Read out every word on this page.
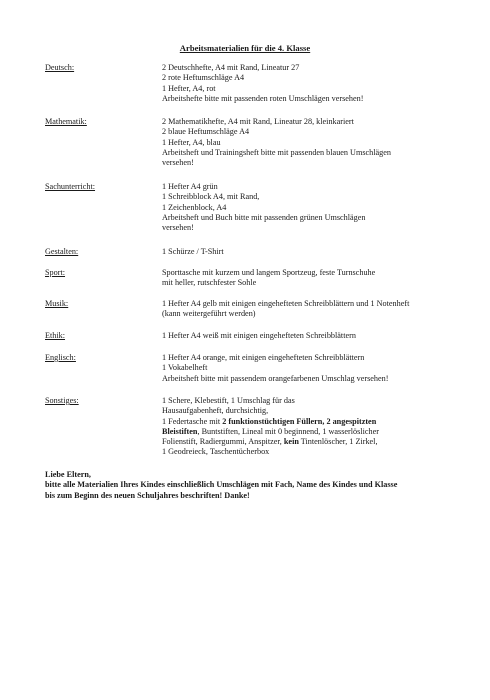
Arbeitsmaterialien für die 4. Klasse
Deutsch:	2 Deutschhefte, A4 mit Rand, Lineatur 27
2 rote Heftumschläge A4
1 Hefter, A4, rot
Arbeitshefte bitte mit passenden roten Umschlägen versehen!
Mathematik:	2 Mathematikhefte, A4 mit Rand, Lineatur 28, kleinkariert
2 blaue Heftumschläge A4
1 Hefter, A4, blau
Arbeitsheft und Trainingsheft bitte mit passenden blauen Umschlägen
versehen!
Sachunterricht:	1 Hefter A4 grün
1 Schreibblock A4, mit Rand,
1 Zeichenblock, A4
Arbeitsheft und Buch bitte mit passenden grünen Umschlägen
versehen!
Gestalten:	1 Schürze / T-Shirt
Sport:	Sporttasche mit kurzem und langem Sportzeug, feste Turnschuhe
mit heller, rutschfester Sohle
Musik:	1 Hefter A4 gelb mit einigen eingehefteten Schreibblättern und 1 Notenheft
(kann weitergeführt werden)
Ethik:	1 Hefter A4 weiß mit einigen eingehefteten Schreibblättern
Englisch:	1 Hefter A4 orange, mit einigen eingehefteten Schreibblättern
1 Vokabelheft
Arbeitsheft bitte mit passendem orangefarbenen Umschlag versehen!
Sonstiges:	1 Schere, Klebestift, 1 Umschlag für das
Hausaufgabenheft, durchsichtig,
1 Federtasche mit 2 funktionstüchtigen Füllern, 2 angespitzten
Bleistiften, Buntstiften, Lineal mit 0 beginnend, 1 wasserlöslicher
Folienstift, Radiergummi, Anspitzer, kein Tintenlöscher, 1 Zirkel,
1 Geodreieck, Taschentücherbox
Liebe Eltern,
bitte alle Materialien Ihres Kindes einschließlich Umschlägen mit Fach, Name des Kindes und Klasse
bis zum Beginn des neuen Schuljahres beschriften! Danke!
